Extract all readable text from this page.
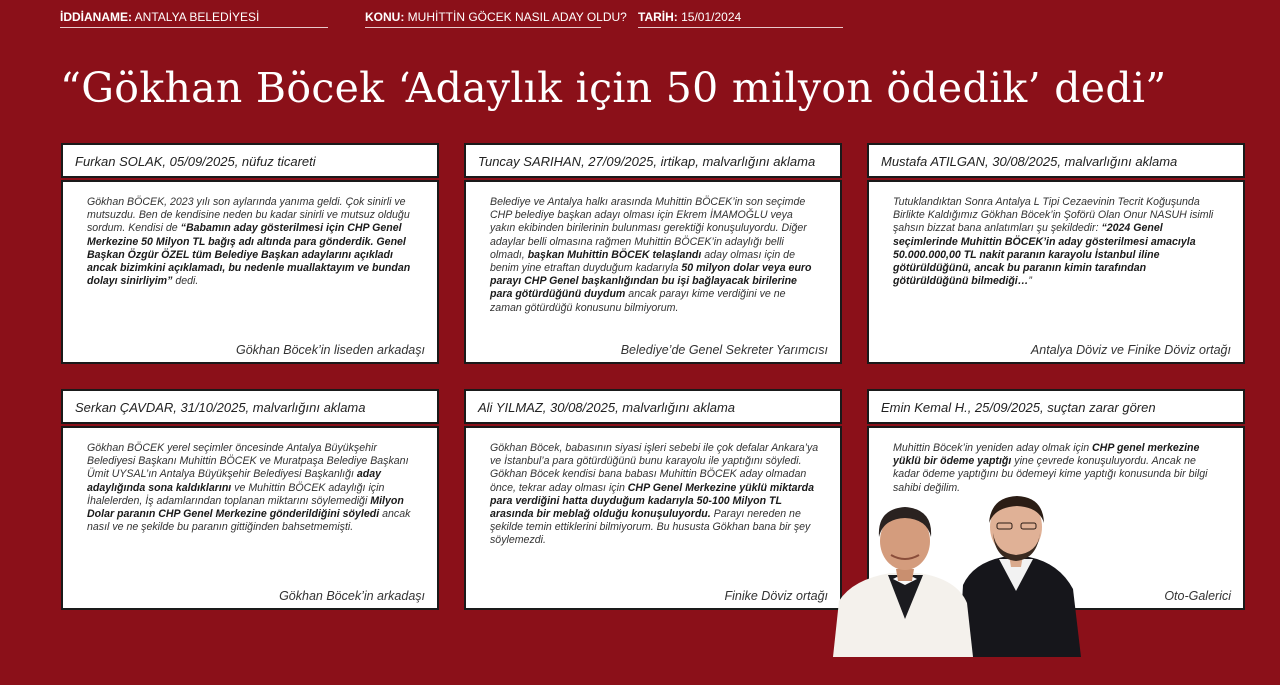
İDDİANAME: ANTALYA BELEDİYESİ	KONU: MUHİTTİN GÖCEK NASIL ADAY OLDU? TARİH: 15/01/2024
“Gökhan Böcek ‘Adaylık için 50 milyon ödedik’ dedi”
Furkan SOLAK, 05/09/2025, nüfuz ticareti
Gökhan BÖCEK, 2023 yılı son aylarında yanıma geldi. Çok sinirli ve mutsuzdu. Ben de kendisine neden bu kadar sinirli ve mutsuz olduğu sordum. Kendisi de “Babamın aday gösterilmesi için CHP Genel Merkezine 50 Milyon TL bağış adı altında para gönderdik. Genel Başkan Özgür ÖZEL tüm Belediye Başkan adaylarını açıkladı ancak bizimkini açıklamadı, bu nedenle muallaktayım ve bundan dolayı sinirliyim” dedi.
Gökhan Böcek’in liseden arkadaşı
Tuncay SARIHAN, 27/09/2025, irtikap, malvarlığını aklama
Belediye ve Antalya halkı arasında Muhittin BÖCEK’in son seçimde CHP belediye başkan adayı olması için Ekrem İMAMOĞLU veya yakın ekibinden birilerinin bulunması gerektiği konuşuluyordu. Diğer adaylar belli olmasına rağmen Muhittin BÖCEK’in adaylığı belli olmadı, başkan Muhittin BÖCEK telaşlandı aday olması için de benim yine etraftan duyduğum kadarıyla 50 milyon dolar veya euro parayı CHP Genel başkanlığından bu işi bağlayacak birilerine para götürdüğünü duydum ancak parayı kime verdiğini ve ne zaman götürdüğü konusunu bilmiyorum.
Belediye’de Genel Sekreter Yarımcısı
Mustafa ATILGAN, 30/08/2025, malvarlığını aklama
Tutuklandıktan Sonra Antalya L Tipi Cezaevinin Tecrit Koğuşunda Birlikte Kaldığımız Gökhan Böcek’in Şoförü Olan Onur NASUH isimli şahsın bizzat bana anlatımları şu şekildedir: “2024 Genel seçimlerinde Muhittin BÖCEK’in aday gösterilmesi amacıyla 50.000.000,00 TL nakit paranın karayolu İstanbul iline götürüldüğünü, ancak bu paranın kimin tarafından götürüldüğünü bilmediği…”
Antalya Döviz ve Finike Döviz ortağı
Serkan ÇAVDAR, 31/10/2025, malvarlığını aklama
Gökhan BÖCEK yerel seçimler öncesinde Antalya Büyükşehir Belediyesi Başkanı Muhittin BÖCEK ve Muratpaşa Belediye Başkanı Ümit UYSAL’ın Antalya Büyükşehir Belediyesi Başkanlığı aday adaylığında sona kaldıklarını ve Muhittin BÖCEK adaylığı için İhalelerden, İş adamlarından toplanan miktarını söylemediği Milyon Dolar paranın CHP Genel Merkezine gönderildiğini söyledi ancak nasıl ve ne şekilde bu paranın gittiğinden bahsetmemişti.
Gökhan Böcek’in arkadaşı
Ali YILMAZ, 30/08/2025, malvarlığını aklama
Gökhan Böcek, babasının siyasi işleri sebebi ile çok defalar Ankara’ya ve İstanbul’a para götürdüğünü bunu karayolu ile yaptığını söyledi. Gökhan Böcek kendisi bana babası Muhittin BÖCEK aday olmadan önce, tekrar aday olması için CHP Genel Merkezine yüklü miktarda para verdiğini hatta duyduğum kadarıyla 50-100 Milyon TL arasında bir meblağ olduğu konuşuluyordu. Parayı nereden ne şekilde temin ettiklerini bilmiyorum. Bu hususta Gökhan bana bir şey söylemezdi.
Finike Döviz ortağı
Emin Kemal H., 25/09/2025, suçtan zarar gören
Muhittin Böcek’in yeniden aday olmak için CHP genel merkezine yüklü bir ödeme yaptığı yine çevrede konuşuluyordu. Ancak ne kadar ödeme yaptığını bu ödemeyi kime yaptığı konusunda bir bilgi sahibi değilim.
Oto-Galerici
